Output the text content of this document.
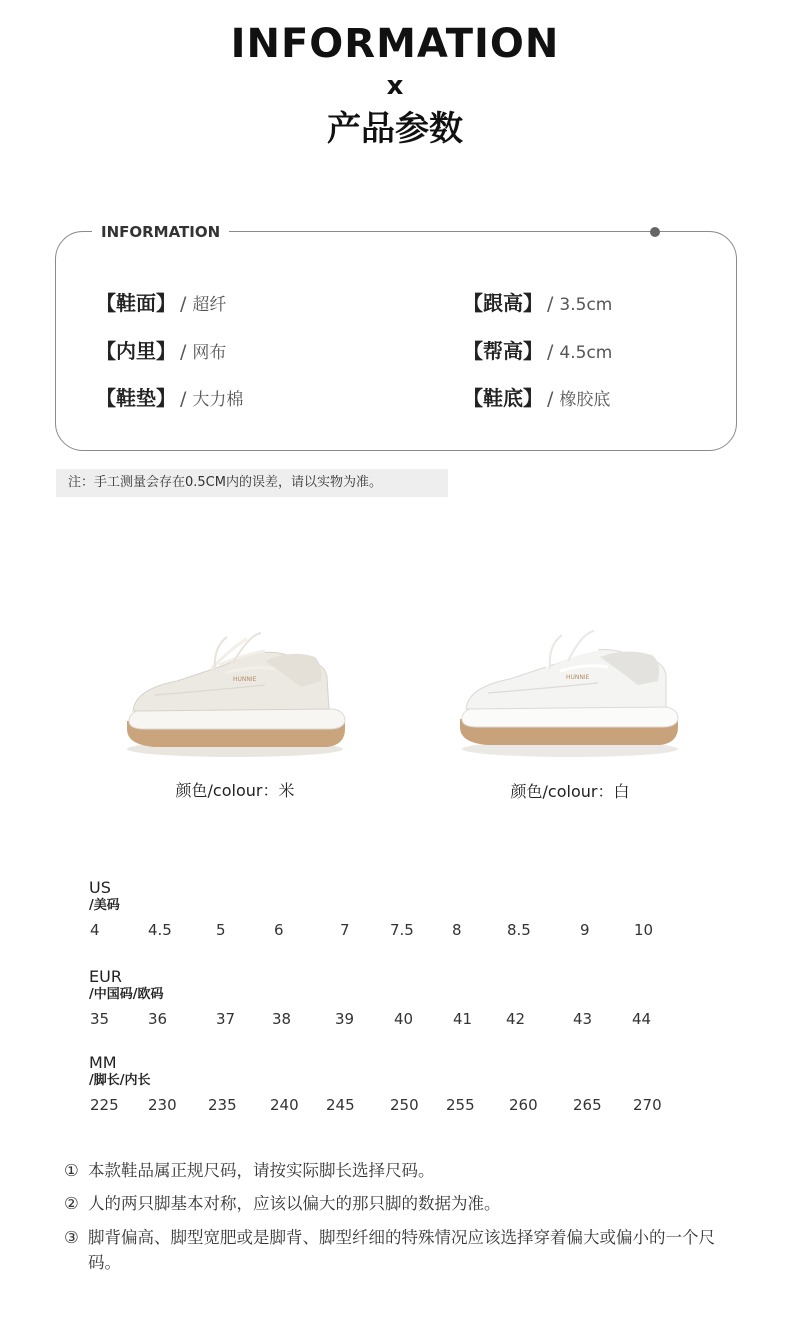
INFORMATION
x
产品参数
INFORMATION
【鞋面】 / 超纤
【内里】 / 网布
【鞋垫】 / 大力棉
【跟高】 / 3.5cm
【帮高】 / 4.5cm
【鞋底】 / 橡胶底
注：手工测量会存在0.5CM内的误差，请以实物为准。
HUNNIE	HUNNIE
颜色/colour：米	颜色/colour：白
US
/美码
4	4.5	5	6	7	7.5	8	8.5	9	10
EUR
/中国码/欧码
35	36	37 38	39	40	41 42	43	44
MM
/脚长/内长
225 230 235 240 245 250 255 260 265 270
① 本款鞋品属正规尺码，请按实际脚长选择尺码。
② 人的两只脚基本对称，应该以偏大的那只脚的数据为准。
③ 脚背偏高、脚型宽肥或是脚背、脚型纤细的特殊情况应该选择穿着偏大或偏小的一个尺码。
